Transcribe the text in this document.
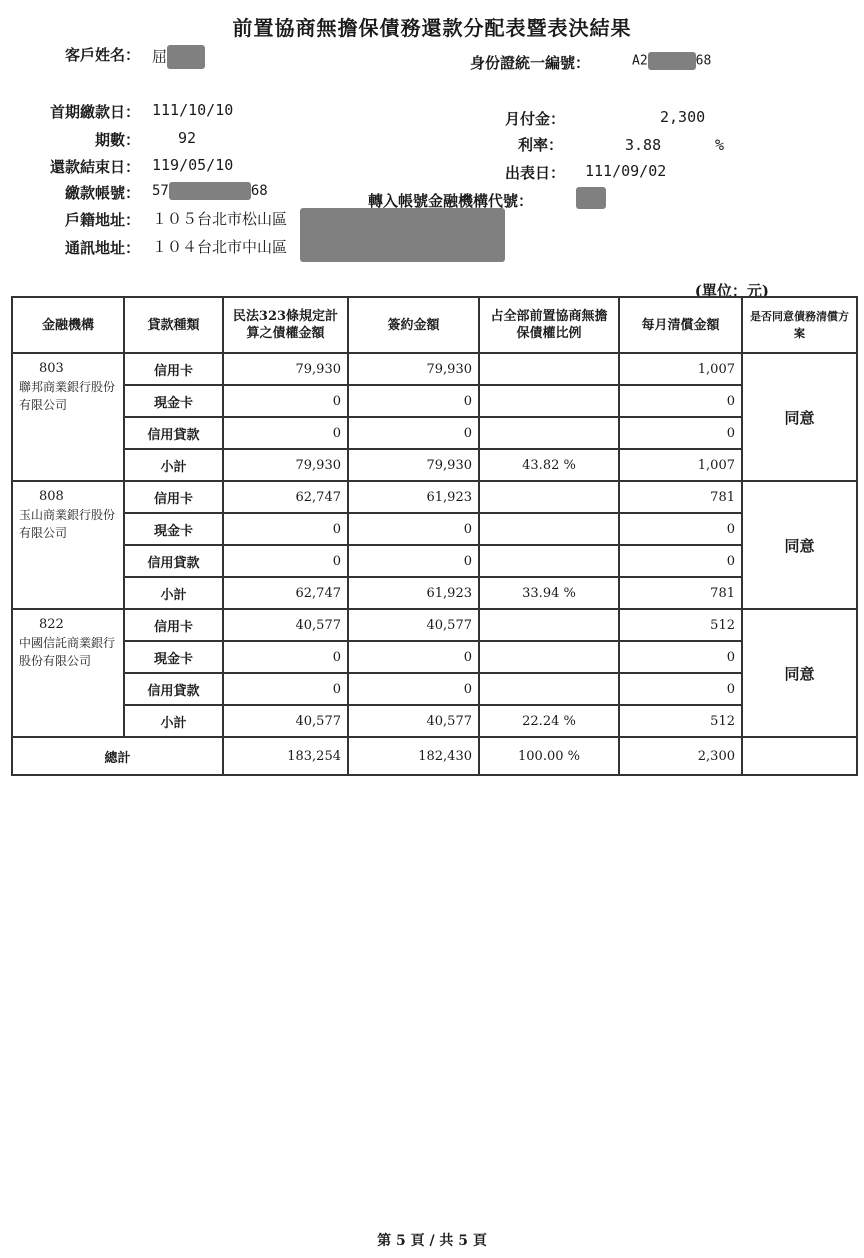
前置協商無擔保債務還款分配表暨表決結果
客戶姓名： 屈	身份證統一編號：	A2	68
首期繳款日： 111/10/10
期數：	92
還款結束日： 119/05/10
繳款帳號： 57	68
戶籍地址： １０５台北市松山區
通訊地址： １０４台北市中山區
月付金：	2,300
利率：	3.88	%
出表日： 111/09/02
轉入帳號金融機構代號：
(單位：元)
金融機構	貸款種類	民法323條規定計算之債權金額	簽約金額	占全部前置協商無擔保債權比例	每月清償金額	是否同意債務清償方案

803
聯邦商業銀行股份有限公司	信用卡	79,930	79,930		1,007	同意
	現金卡	0	0		0	
	信用貸款	0	0		0	
	小計	79,930	79,930	43.82 %	1,007	

808
玉山商業銀行股份有限公司	信用卡	62,747	61,923		781	同意
	現金卡	0	0		0	
	信用貸款	0	0		0	
	小計	62,747	61,923	33.94 %	781	

822
中國信託商業銀行股份有限公司	信用卡	40,577	40,577		512	同意
	現金卡	0	0		0	
	信用貸款	0	0		0	
	小計	40,577	40,577	22.24 %	512	
總計		183,254	182,430	100.00 %	2,300	
第 5 頁 / 共 5 頁
